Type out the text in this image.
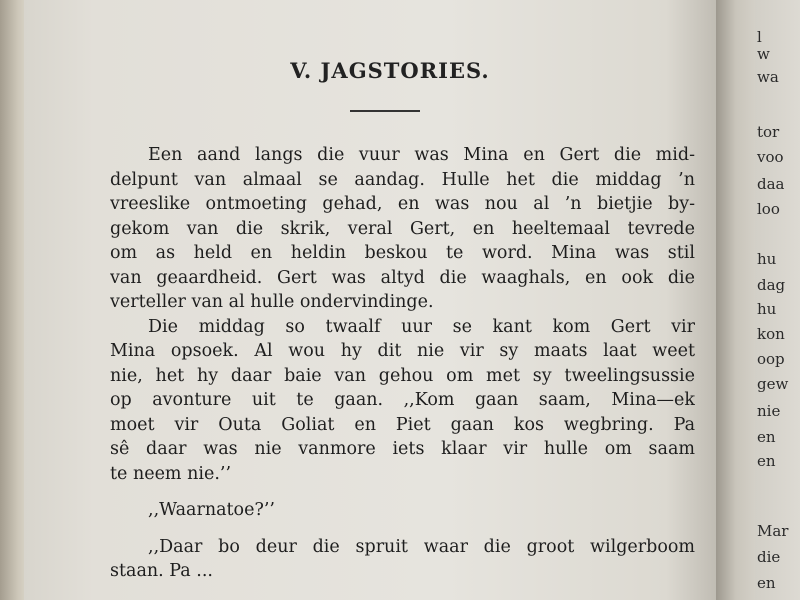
l
w
wa
tor
voo
daa
loo
hu
dag
hu
kon
oop
gew
nie
en
en
Mar
die
en
V. JAGSTORIES.
Een aand langs die vuur was Mina en Gert die mid-
delpunt van almaal se aandag. Hulle het die middag ’n
vreeslike ontmoeting gehad, en was nou al ’n bietjie by-
gekom van die skrik, veral Gert, en heeltemaal tevrede
om as held en heldin beskou te word. Mina was stil
van geaardheid. Gert was altyd die waaghals, en ook die
verteller van al hulle ondervindinge.
Die middag so twaalf uur se kant kom Gert vir
Mina opsoek. Al wou hy dit nie vir sy maats laat weet
nie, het hy daar baie van gehou om met sy tweelingsussie
op avonture uit te gaan. ,,Kom gaan saam, Mina—ek
moet vir Outa Goliat en Piet gaan kos wegbring. Pa
sê daar was nie vanmore iets klaar vir hulle om saam
te neem nie.’’
,,Waarnatoe?’’
,,Daar bo deur die spruit waar die groot wilgerboom
staan. Pa ...
